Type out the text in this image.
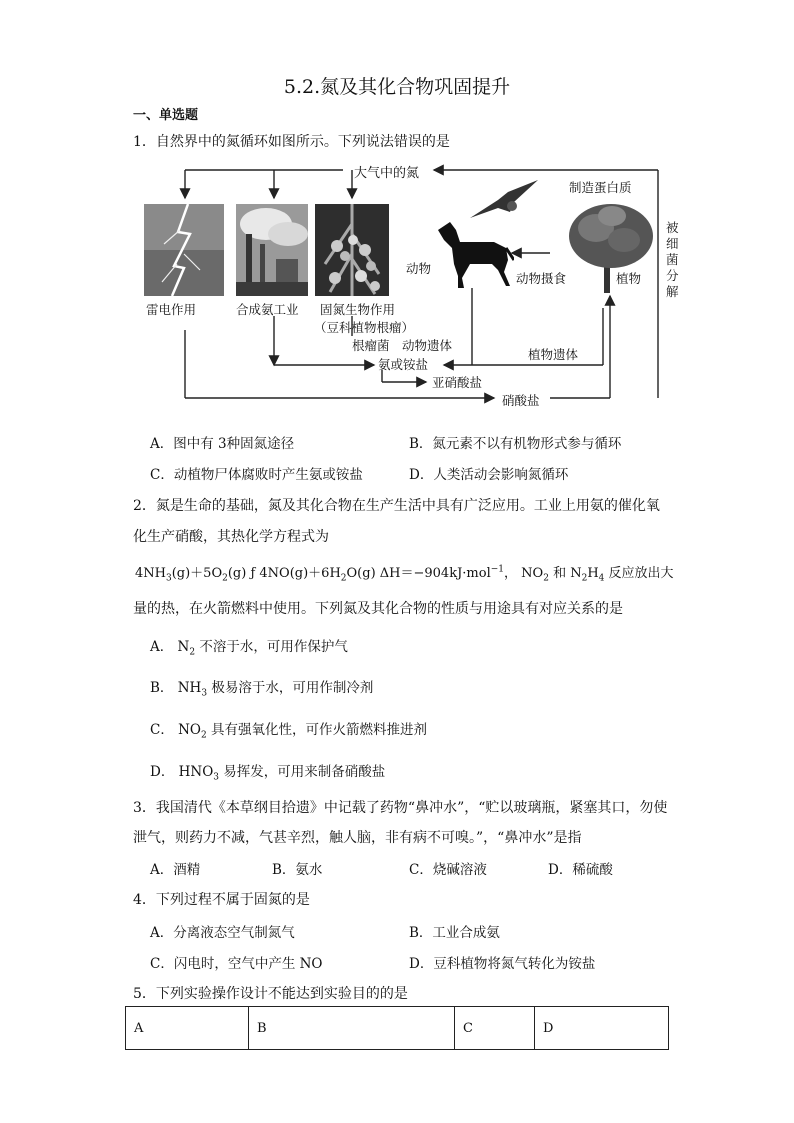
5.2.氮及其化合物巩固提升
一、单选题
1．自然界中的氮循环如图所示。下列说法错误的是
大气中的氮
制造蛋白质
雷电作用	合成氨工业 固氮生物作用
（豆科植物根瘤）
动物
动物摄食	植物
被细菌分解
根瘤菌 动物遗体
植物遗体
氨或铵盐
亚硝酸盐
硝酸盐
A．图中有 3种固氮途径	B．氮元素不以有机物形式参与循环
C．动植物尸体腐败时产生氨或铵盐	D．人类活动会影响氮循环
2．氮是生命的基础，氮及其化合物在生产生活中具有广泛应用。工业上用氨的催化氧
化生产硝酸，其热化学方程式为
$4NH_3(g)+5O_2(g)$ ƒ $4NO(g)+6H_2O(g)$ ΔH＝−904kJ·mol$^{-1}$， $NO_2$ 和 $N_2H_4$ 反应放出大
量的热，在火箭燃料中使用。下列氮及其化合物的性质与用途具有对应关系的是
A． $N_2$ 不溶于水，可用作保护气
B． $NH_3$ 极易溶于水，可用作制冷剂
C． $NO_2$ 具有强氧化性，可作火箭燃料推进剂
D． $HNO_3$ 易挥发，可用来制备硝酸盐
3．我国清代《本草纲目拾遗》中记载了药物“鼻冲水”，“贮以玻璃瓶，紧塞其口，勿使
泄气，则药力不减，气甚辛烈，触人脑，非有病不可嗅。”，“鼻冲水”是指
A．酒精	B．氨水	C．烧碱溶液	D．稀硫酸
4．下列过程不属于固氮的是
A．分离液态空气制氮气	B．工业合成氨
C．闪电时，空气中产生 NO	D．豆科植物将氮气转化为铵盐
5．下列实验操作设计不能达到实验目的的是
A	B	C	D
